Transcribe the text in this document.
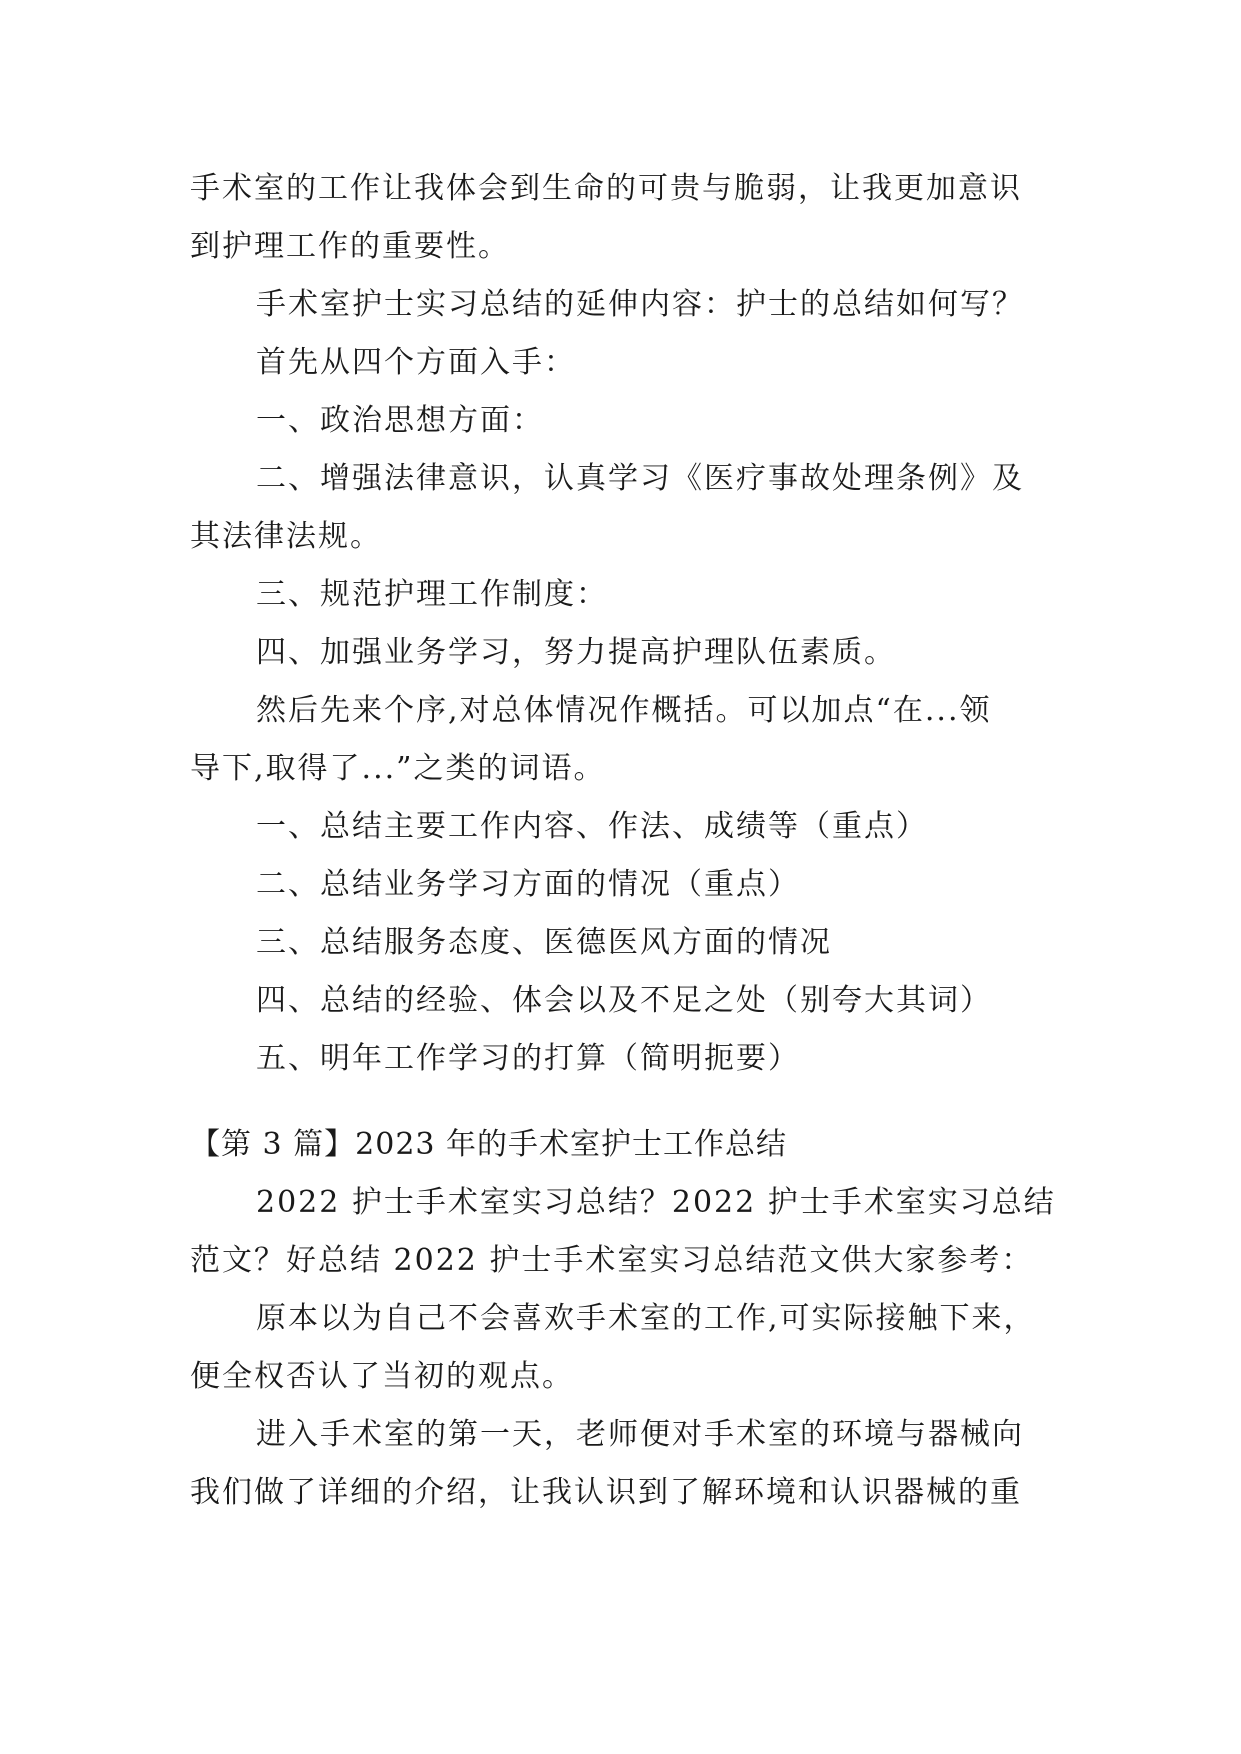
手术室的工作让我体会到生命的可贵与脆弱，让我更加意识
到护理工作的重要性。
手术室护士实习总结的延伸内容：护士的总结如何写？
首先从四个方面入手：
一、政治思想方面：
二、增强法律意识，认真学习《医疗事故处理条例》及
其法律法规。
三、规范护理工作制度：
四、加强业务学习，努力提高护理队伍素质。
然后先来个序,对总体情况作概括。可以加点“在...领
导下,取得了...”之类的词语。
一、总结主要工作内容、作法、成绩等（重点）
二、总结业务学习方面的情况（重点）
三、总结服务态度、医德医风方面的情况
四、总结的经验、体会以及不足之处（别夸大其词）
五、明年工作学习的打算（简明扼要）
【第 3 篇】2023 年的手术室护士工作总结
2022 护士手术室实习总结？2022 护士手术室实习总结
范文？好总结 2022 护士手术室实习总结范文供大家参考：
原本以为自己不会喜欢手术室的工作,可实际接触下来，
便全权否认了当初的观点。
进入手术室的第一天，老师便对手术室的环境与器械向
我们做了详细的介绍，让我认识到了解环境和认识器械的重
